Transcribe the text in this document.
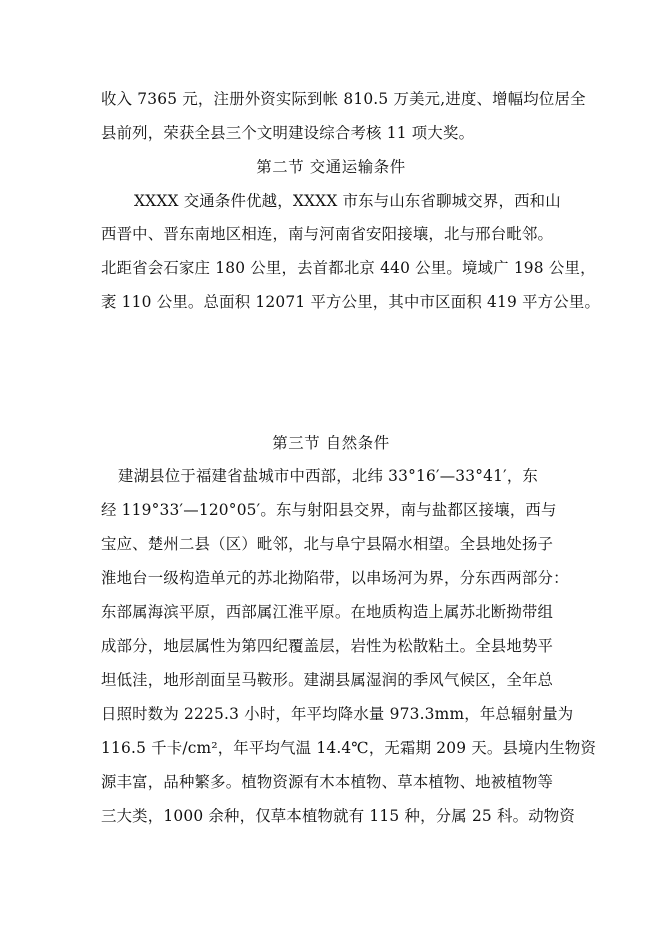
收入 7365 元，注册外资实际到帐 810.5 万美元,进度、增幅均位居全
县前列，荣获全县三个文明建设综合考核 11 项大奖。
第二节 交通运输条件
XXXX 交通条件优越，XXXX 市东与山东省聊城交界，西和山
西晋中、晋东南地区相连，南与河南省安阳接壤，北与邢台毗邻。
北距省会石家庄 180 公里，去首都北京 440 公里。境域广 198 公里，
袤 110 公里。总面积 12071 平方公里，其中市区面积 419 平方公里。
第三节 自然条件
建湖县位于福建省盐城市中西部，北纬 33°16′—33°41′，东
经 119°33′—120°05′。东与射阳县交界，南与盐都区接壤，西与
宝应、楚州二县（区）毗邻，北与阜宁县隔水相望。全县地处扬子
淮地台一级构造单元的苏北拗陷带，以串场河为界，分东西两部分：
东部属海滨平原，西部属江淮平原。在地质构造上属苏北断拗带组
成部分，地层属性为第四纪覆盖层，岩性为松散粘土。全县地势平
坦低洼，地形剖面呈马鞍形。建湖县属湿润的季风气候区，全年总
日照时数为 2225.3 小时，年平均降水量 973.3mm，年总辐射量为
116.5 千卡/cm²，年平均气温 14.4℃，无霜期 209 天。县境内生物资
源丰富，品种繁多。植物资源有木本植物、草本植物、地被植物等
三大类，1000 余种，仅草本植物就有 115 种，分属 25 科。动物资
